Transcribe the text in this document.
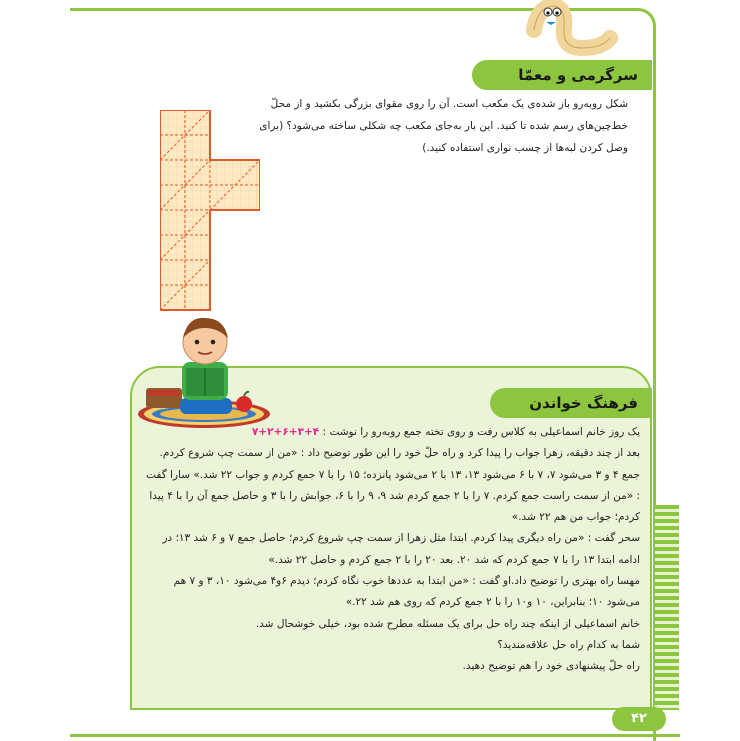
سرگرمی و معمّا
شکل روبه‌رو باز شده‌ی یک مکعب است. آن را روی مقوای بزرگی بکشید و از محلّ خط‌چین‌های رسم شده تا کنید. این بار به‌جای مکعب چه شکلی ساخته می‌شود؟ (برای وصل کردن لبه‌ها از چسب نواری استفاده کنید.)
فرهنگ خواندن

یک روز خانم اسماعیلی به کلاس رفت و روی تخته جمع روبه‌رو را نوشت : ۴+۳+۶+۲+۷

بعد از چند دقیقه، زهرا جواب را پیدا کرد و راه حلّ خود را این طور توضیح داد : «من از سمت چپ شروع کردم. جمع ۴ و ۳ می‌شود ۷، ۷ با ۶ می‌شود ۱۳، ۱۳ با ۲ می‌شود پانزده؛ ۱۵ را با ۷ جمع کردم و جواب ۲۲ شد.» سارا گفت : «من از سمت راست جمع کردم. ۷ را با ۲ جمع کردم شد ۹، ۹ را با ۶، جوابش را با ۳ و حاصل جمع آن را با ۴ پیدا کردم؛ جواب من هم ۲۲ شد.»

سحر گفت : «من راه دیگری پیدا کردم. ابتدا مثل زهرا از سمت چپ شروع کردم؛ حاصل جمع ۷ و ۶ شد ۱۳؛ در ادامه ابتدا ۱۳ را با ۷ جمع کردم که شد ۲۰. بعد ۲۰ را با ۲ جمع کردم و حاصل ۲۲ شد.»

مهسا راه بهتری را توضیح داد.او گفت : «من ابتدا به عددها خوب نگاه کردم؛ دیدم ۶و۴ می‌شود ۱۰، ۳ و ۷ هم می‌شود ۱۰؛ بنابراین، ۱۰ و۱۰ را با ۲ جمع کردم که روی هم شد ۲۲.»

خانم اسماعیلی از اینکه چند راه حل برای یک مسئله مطرح شده بود، خیلی خوشحال شد.

شما به کدام راه حل علاقه‌مندید؟

راه حلّ پیشنهادی خود را هم توضیح دهید.

۴۲
